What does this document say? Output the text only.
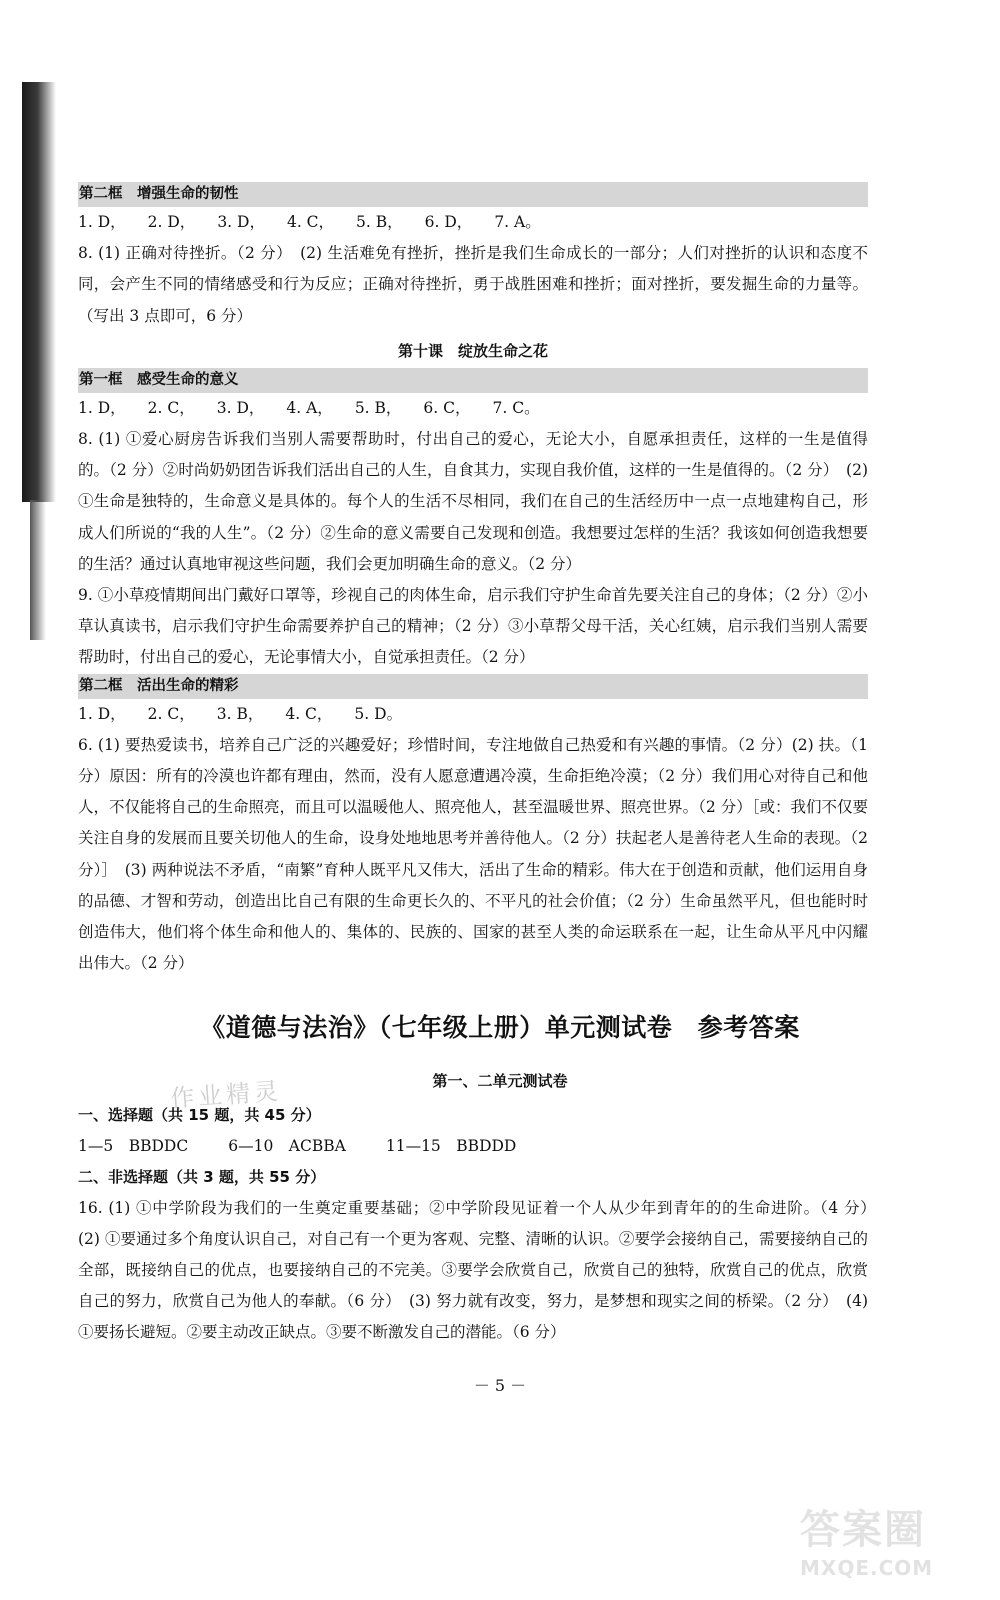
第二框　增强生命的韧性
1. D， 2. D， 3. D， 4. C， 5. B， 6. D， 7. A。
8. (1) 正确对待挫折。（2 分）　(2) 生活难免有挫折，挫折是我们生命成长的一部分；人们对挫折的认识和态度不同，会产生不同的情绪感受和行为反应；正确对待挫折，勇于战胜困难和挫折；面对挫折，要发掘生命的力量等。（写出 3 点即可，6 分）
第十课　绽放生命之花
第一框　感受生命的意义
1. D， 2. C， 3. D， 4. A， 5. B， 6. C， 7. C。
8. (1) ①爱心厨房告诉我们当别人需要帮助时，付出自己的爱心，无论大小，自愿承担责任，这样的一生是值得的。（2 分）②时尚奶奶团告诉我们活出自己的人生，自食其力，实现自我价值，这样的一生是值得的。（2 分）　(2) ①生命是独特的，生命意义是具体的。每个人的生活不尽相同，我们在自己的生活经历中一点一点地建构自己，形成人们所说的“我的人生”。（2 分）②生命的意义需要自己发现和创造。我想要过怎样的生活？我该如何创造我想要的生活？通过认真地审视这些问题，我们会更加明确生命的意义。（2 分）
9. ①小草疫情期间出门戴好口罩等，珍视自己的肉体生命，启示我们守护生命首先要关注自己的身体；（2 分）②小草认真读书，启示我们守护生命需要养护自己的精神；（2 分）③小草帮父母干活，关心红姨，启示我们当别人需要帮助时，付出自己的爱心，无论事情大小，自觉承担责任。（2 分）
第二框　活出生命的精彩
1. D， 2. C， 3. B， 4. C， 5. D。
6. (1) 要热爱读书，培养自己广泛的兴趣爱好；珍惜时间，专注地做自己热爱和有兴趣的事情。（2 分）(2) 扶。（1 分）原因：所有的冷漠也许都有理由，然而，没有人愿意遭遇冷漠，生命拒绝冷漠；（2 分）我们用心对待自己和他人，不仅能将自己的生命照亮，而且可以温暖他人、照亮他人，甚至温暖世界、照亮世界。（2 分）［或：我们不仅要关注自身的发展而且要关切他人的生命，设身处地地思考并善待他人。（2 分）扶起老人是善待老人生命的表现。（2 分）］　(3) 两种说法不矛盾，“南繁”育种人既平凡又伟大，活出了生命的精彩。伟大在于创造和贡献，他们运用自身的品德、才智和劳动，创造出比自己有限的生命更长久的、不平凡的社会价值；（2 分）生命虽然平凡，但也能时时创造伟大，他们将个体生命和他人的、集体的、民族的、国家的甚至人类的命运联系在一起，让生命从平凡中闪耀出伟大。（2 分）
《道德与法治》（七年级上册）单元测试卷　参考答案
作业精灵	第一、二单元测试卷
一、选择题（共 15 题，共 45 分）
1—5　BBDDC	6—10　ACBBA	11—15　BBDDD
二、非选择题（共 3 题，共 55 分）
16. (1) ①中学阶段为我们的一生奠定重要基础；②中学阶段见证着一个人从少年到青年的的生命进阶。（4 分）　(2) ①要通过多个角度认识自己，对自己有一个更为客观、完整、清晰的认识。②要学会接纳自己，需要接纳自己的全部，既接纳自己的优点，也要接纳自己的不完美。③要学会欣赏自己，欣赏自己的独特，欣赏自己的优点，欣赏自己的努力，欣赏自己为他人的奉献。（6 分）　(3) 努力就有改变，努力，是梦想和现实之间的桥梁。（2 分）　(4) ①要扬长避短。②要主动改正缺点。③要不断激发自己的潜能。（6 分）
－ 5 －
答案圈
MXQE.COM
